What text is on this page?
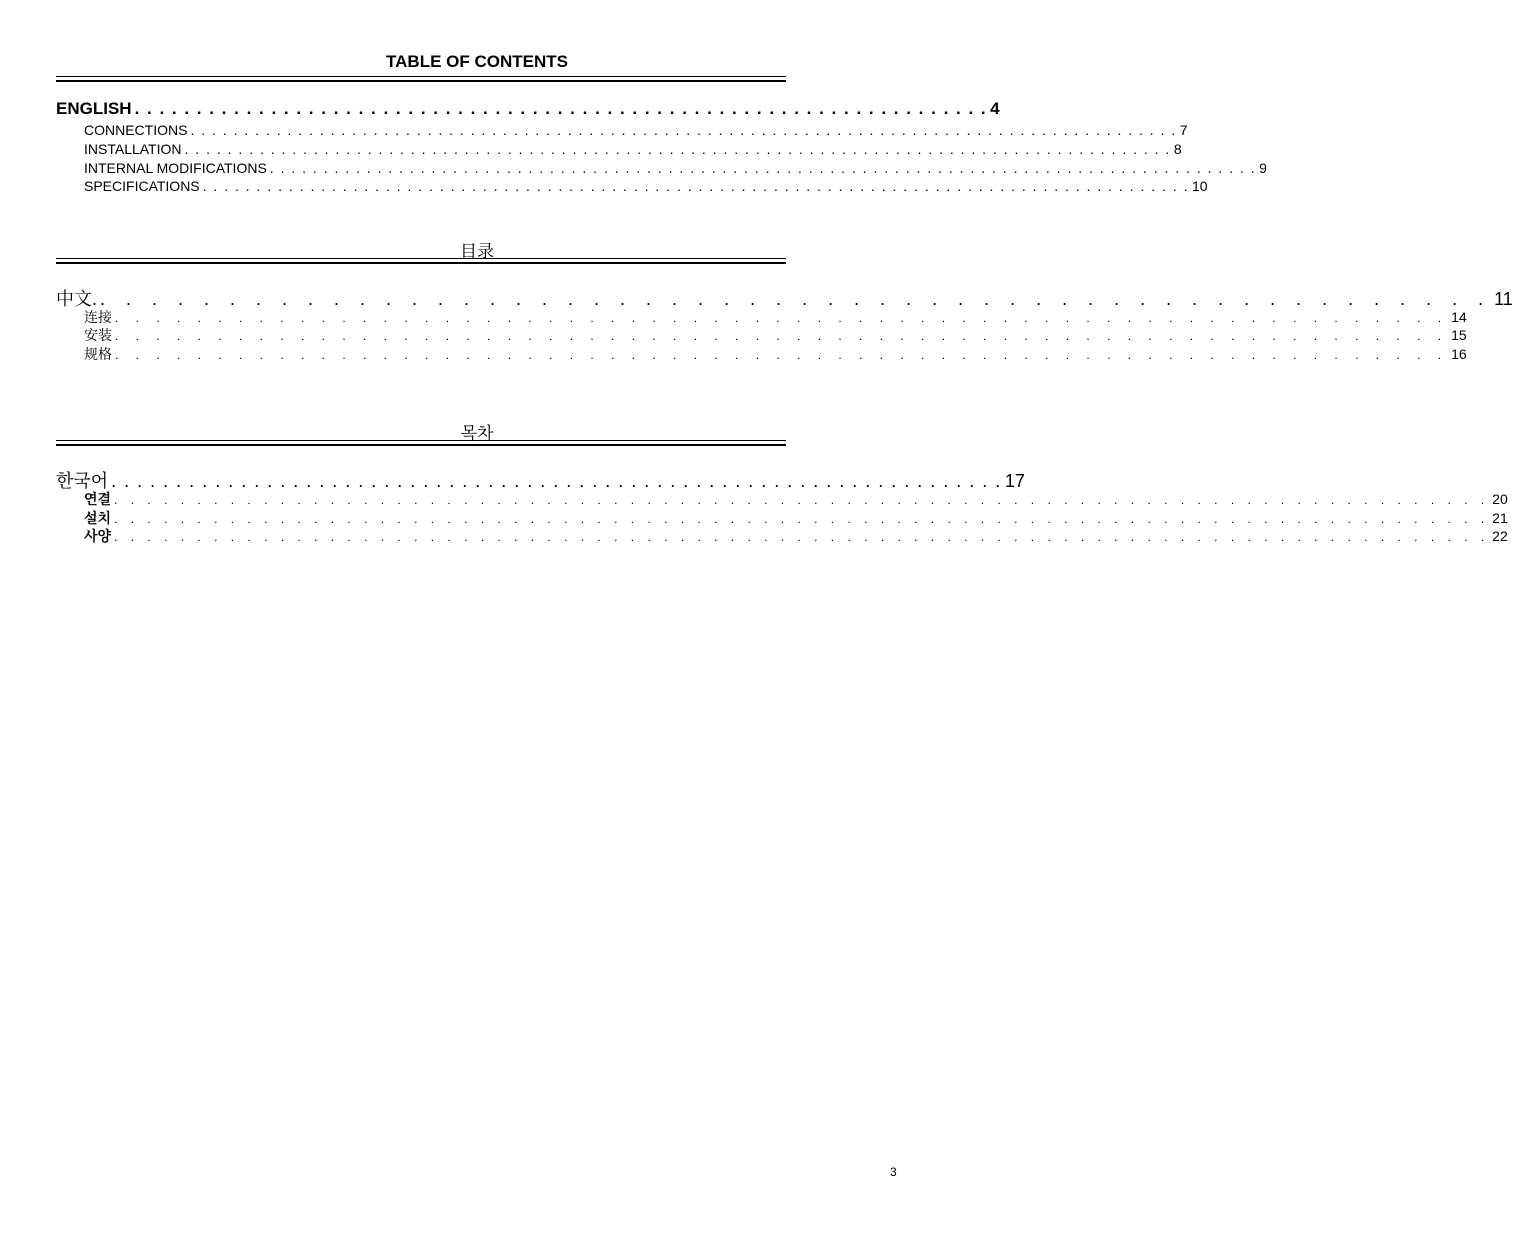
TABLE OF CONTENTS
ENGLISH . . . . . . . . . . . . . . . . . . . . . . . . . . . . . . . . . . . . . . . . . . . . . . . . . . . . . . . . . . . . . . . . . . . . . 4
CONNECTIONS . . . . . . . . . . . . . . . . . . . . . . . . . . . . . . . . . . . . . . . . . . . . . . . . . . . . . . . . . . . . . . . . . . . . . . . . . . . . . . . . . . . . . . . . . . . . 7
INSTALLATION . . . . . . . . . . . . . . . . . . . . . . . . . . . . . . . . . . . . . . . . . . . . . . . . . . . . . . . . . . . . . . . . . . . . . . . . . . . . . . . . . . . . . . . . . . . . 8
INTERNAL MODIFICATIONS . . . . . . . . . . . . . . . . . . . . . . . . . . . . . . . . . . . . . . . . . . . . . . . . . . . . . . . . . . . . . . . . . . . . . . . . . . . . . . . . . . . . . . . . . . . . 9
SPECIFICATIONS . . . . . . . . . . . . . . . . . . . . . . . . . . . . . . . . . . . . . . . . . . . . . . . . . . . . . . . . . . . . . . . . . . . . . . . . . . . . . . . . . . . . . . . . . . . . 10
目录
中文. . . . . . . . . . . . . . . . . . . . . . . . . . . . . . . . . . . . . . . . . . . . . . . . . . . . . . . 11
连接 . . . . . . . . . . . . . . . . . . . . . . . . . . . . . . . . . . . . . . . . . . . . . . . . . . . . . . . . . . . . . . . . . 14
安装 . . . . . . . . . . . . . . . . . . . . . . . . . . . . . . . . . . . . . . . . . . . . . . . . . . . . . . . . . . . . . . . . . 15
规格 . . . . . . . . . . . . . . . . . . . . . . . . . . . . . . . . . . . . . . . . . . . . . . . . . . . . . . . . . . . . . . . . . 16
목차
한국어 . . . . . . . . . . . . . . . . . . . . . . . . . . . . . . . . . . . . . . . . . . . . . . . . . . . . . . . . . . . . . . . . . . . . . 17
연결 . . . . . . . . . . . . . . . . . . . . . . . . . . . . . . . . . . . . . . . . . . . . . . . . . . . . . . . . . . . . . . . . . . . . . . . . . . . . . . . . . . . 20
설치 . . . . . . . . . . . . . . . . . . . . . . . . . . . . . . . . . . . . . . . . . . . . . . . . . . . . . . . . . . . . . . . . . . . . . . . . . . . . . . . . . . . 21
사양 . . . . . . . . . . . . . . . . . . . . . . . . . . . . . . . . . . . . . . . . . . . . . . . . . . . . . . . . . . . . . . . . . . . . . . . . . . . . . . . . . . . 22
3
